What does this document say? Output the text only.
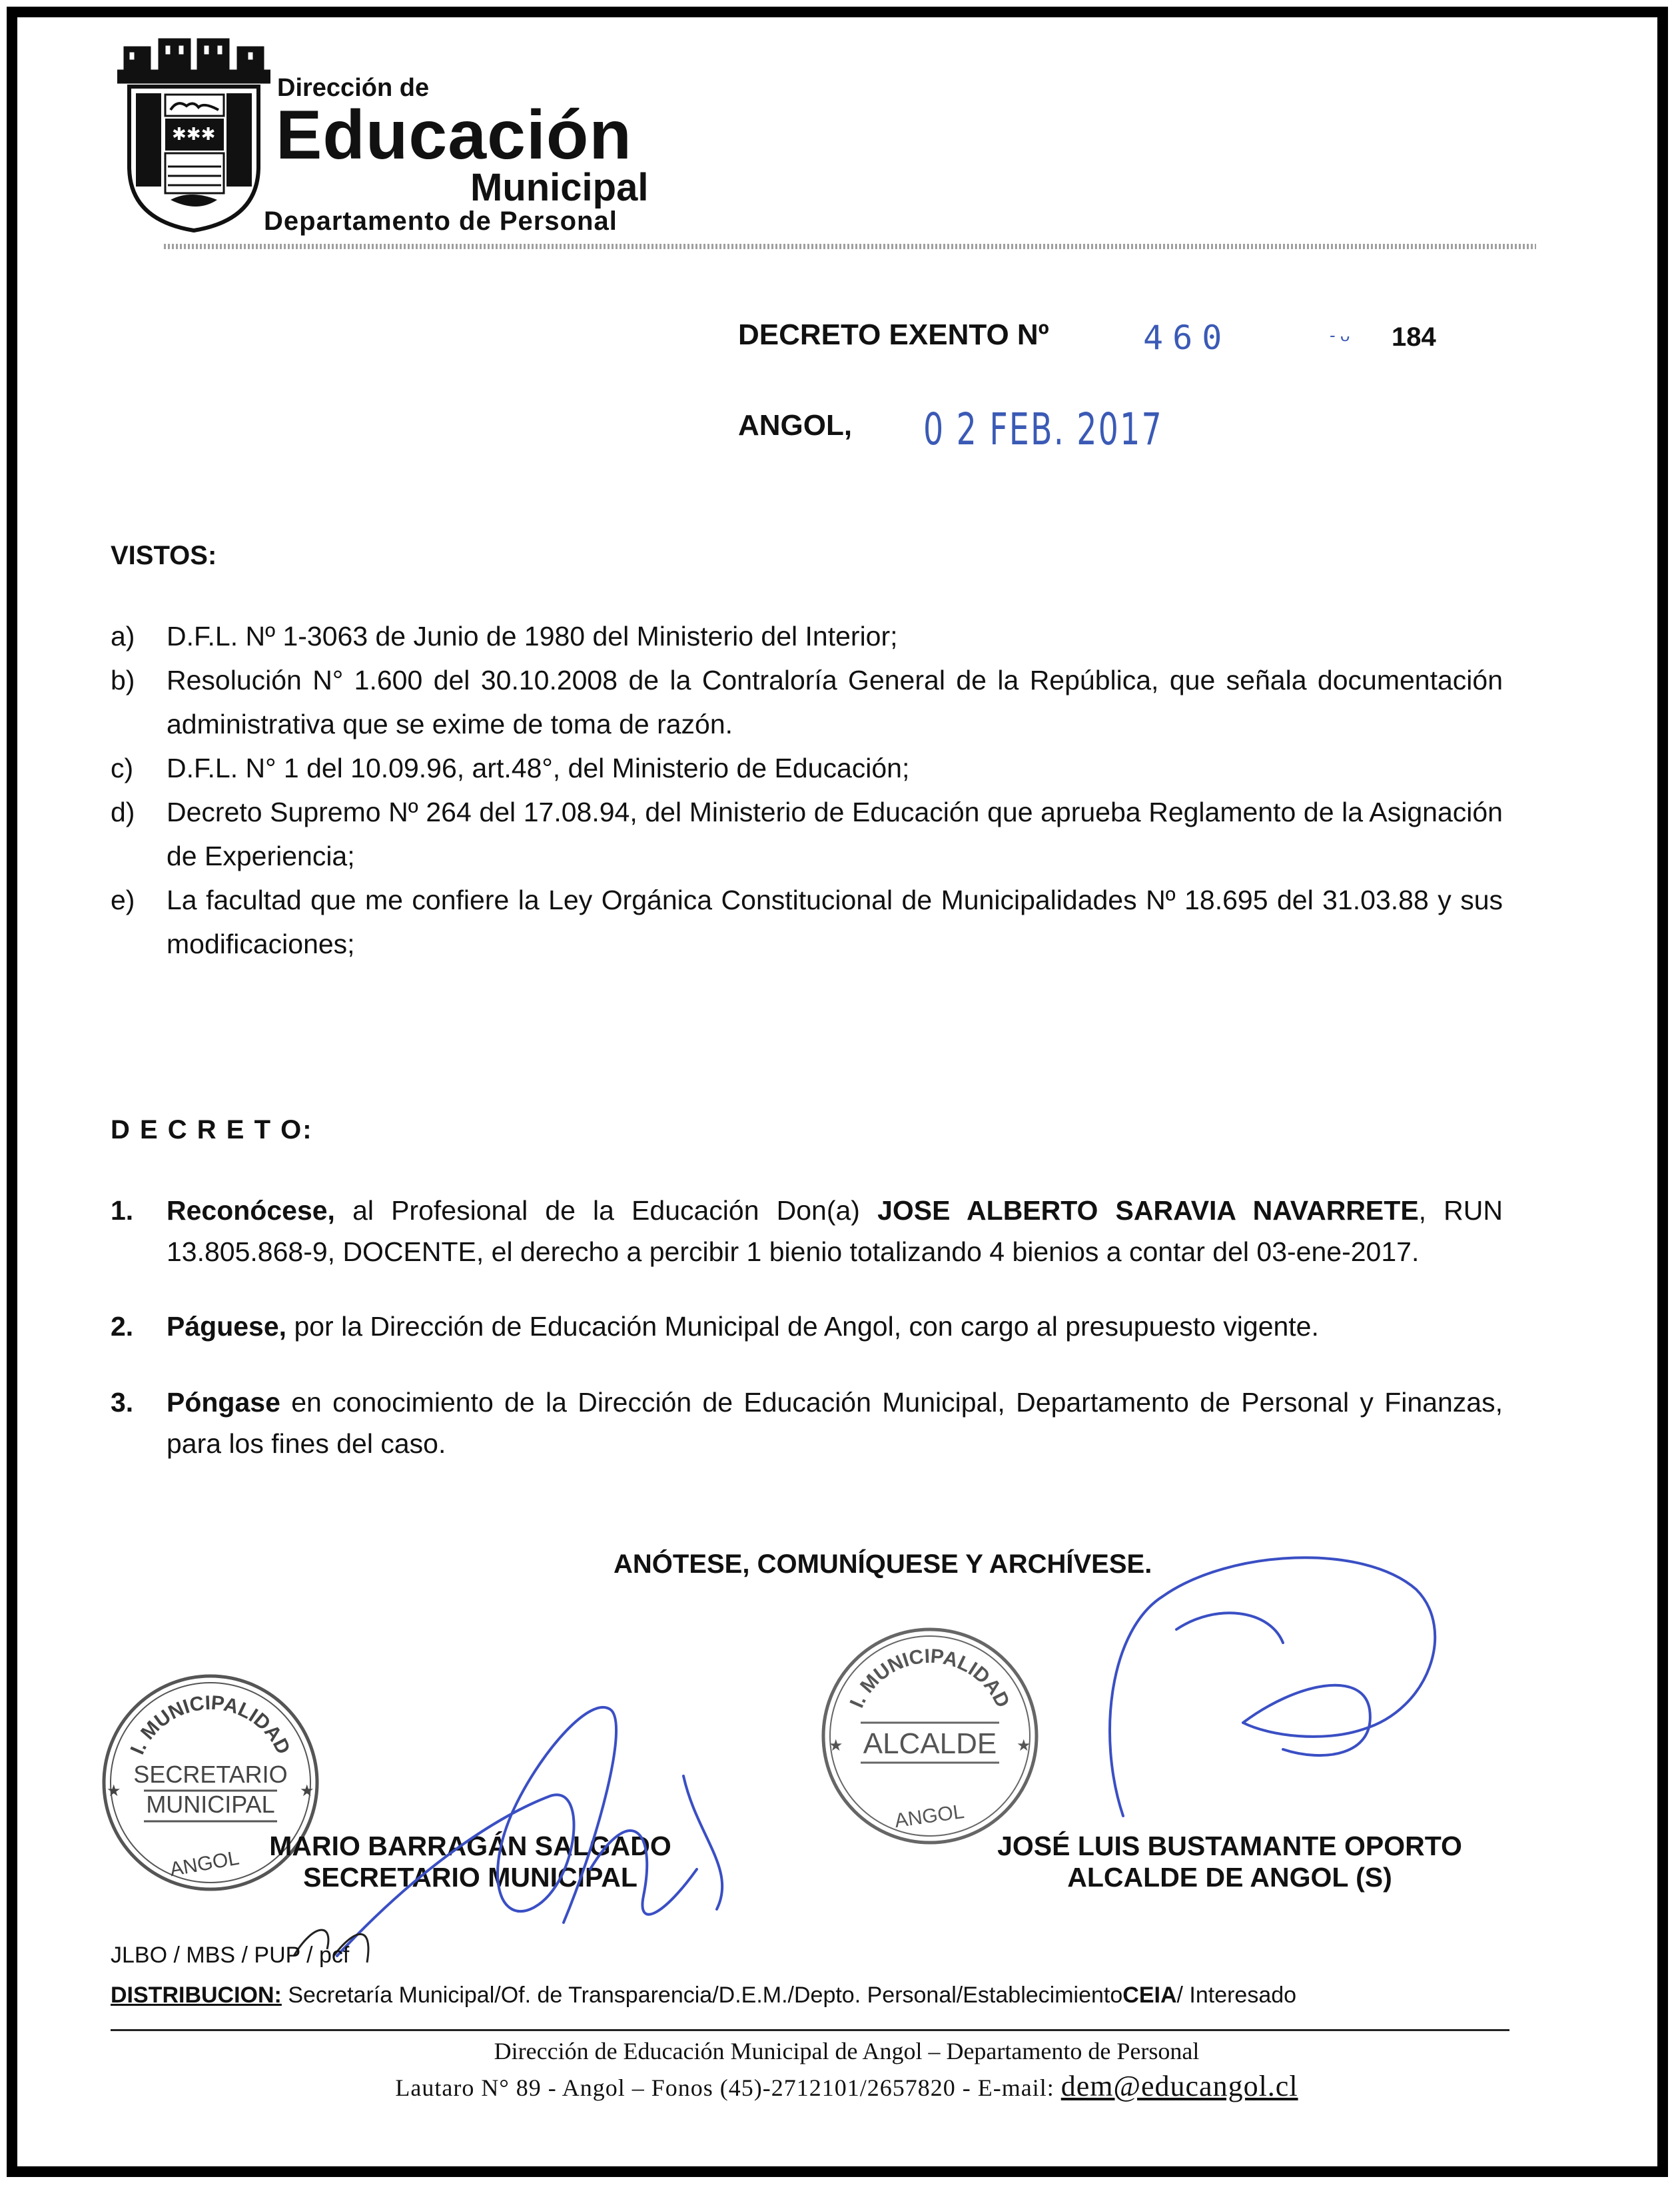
✱✱✱
Dirección de
Educación
Municipal
Departamento de Personal
DECRETO EXENTO Nº	460	- ᴗ 184
ANGOL, 0 2 FEB. 2017
VISTOS:
a)	D.F.L. Nº 1-3063 de Junio de 1980 del Ministerio del Interior;
b)	Resolución N° 1.600 del 30.10.2008 de la Contraloría General de la República, que señala documentación administrativa que se exime de toma de razón.
c)	D.F.L. N° 1 del 10.09.96, art.48°, del Ministerio de Educación;
d)	Decreto Supremo Nº 264 del 17.08.94, del Ministerio de Educación que aprueba Reglamento de la Asignación de Experiencia;
e)	La facultad que me confiere la Ley Orgánica Constitucional de Municipalidades Nº 18.695 del 31.03.88 y sus modificaciones;
D E C R E T O:
1.	Reconócese, al Profesional de la Educación Don(a) JOSE ALBERTO SARAVIA NAVARRETE, RUN 13.805.868-9, DOCENTE, el derecho a percibir 1 bienio totalizando 4 bienios a contar del 03-ene-2017.
2.	Páguese, por la Dirección de Educación Municipal de Angol, con cargo al presupuesto vigente.
3.	Póngase en conocimiento de la Dirección de Educación Municipal, Departamento de Personal y Finanzas, para los fines del caso.
ANÓTESE, COMUNÍQUESE Y ARCHÍVESE.
I. MUNICIPALIDAD
SECRETARIO
MUNICIPAL
★	★
ANGOL
I. MUNICIPALIDAD
ALCALDE
★	★
ANGOL
MARIO BARRAGÁN SALGADO
SECRETARIO MUNICIPAL
JOSÉ LUIS BUSTAMANTE OPORTO
ALCALDE DE ANGOL (S)
JLBO / MBS / PUP / pcf
DISTRIBUCION: Secretaría Municipal/Of. de Transparencia/D.E.M./Depto. Personal/EstablecimientoCEIA/ Interesado
Dirección de Educación Municipal de Angol – Departamento de Personal
Lautaro N° 89 - Angol – Fonos (45)-2712101/2657820 - E-mail: dem@educangol.cl
